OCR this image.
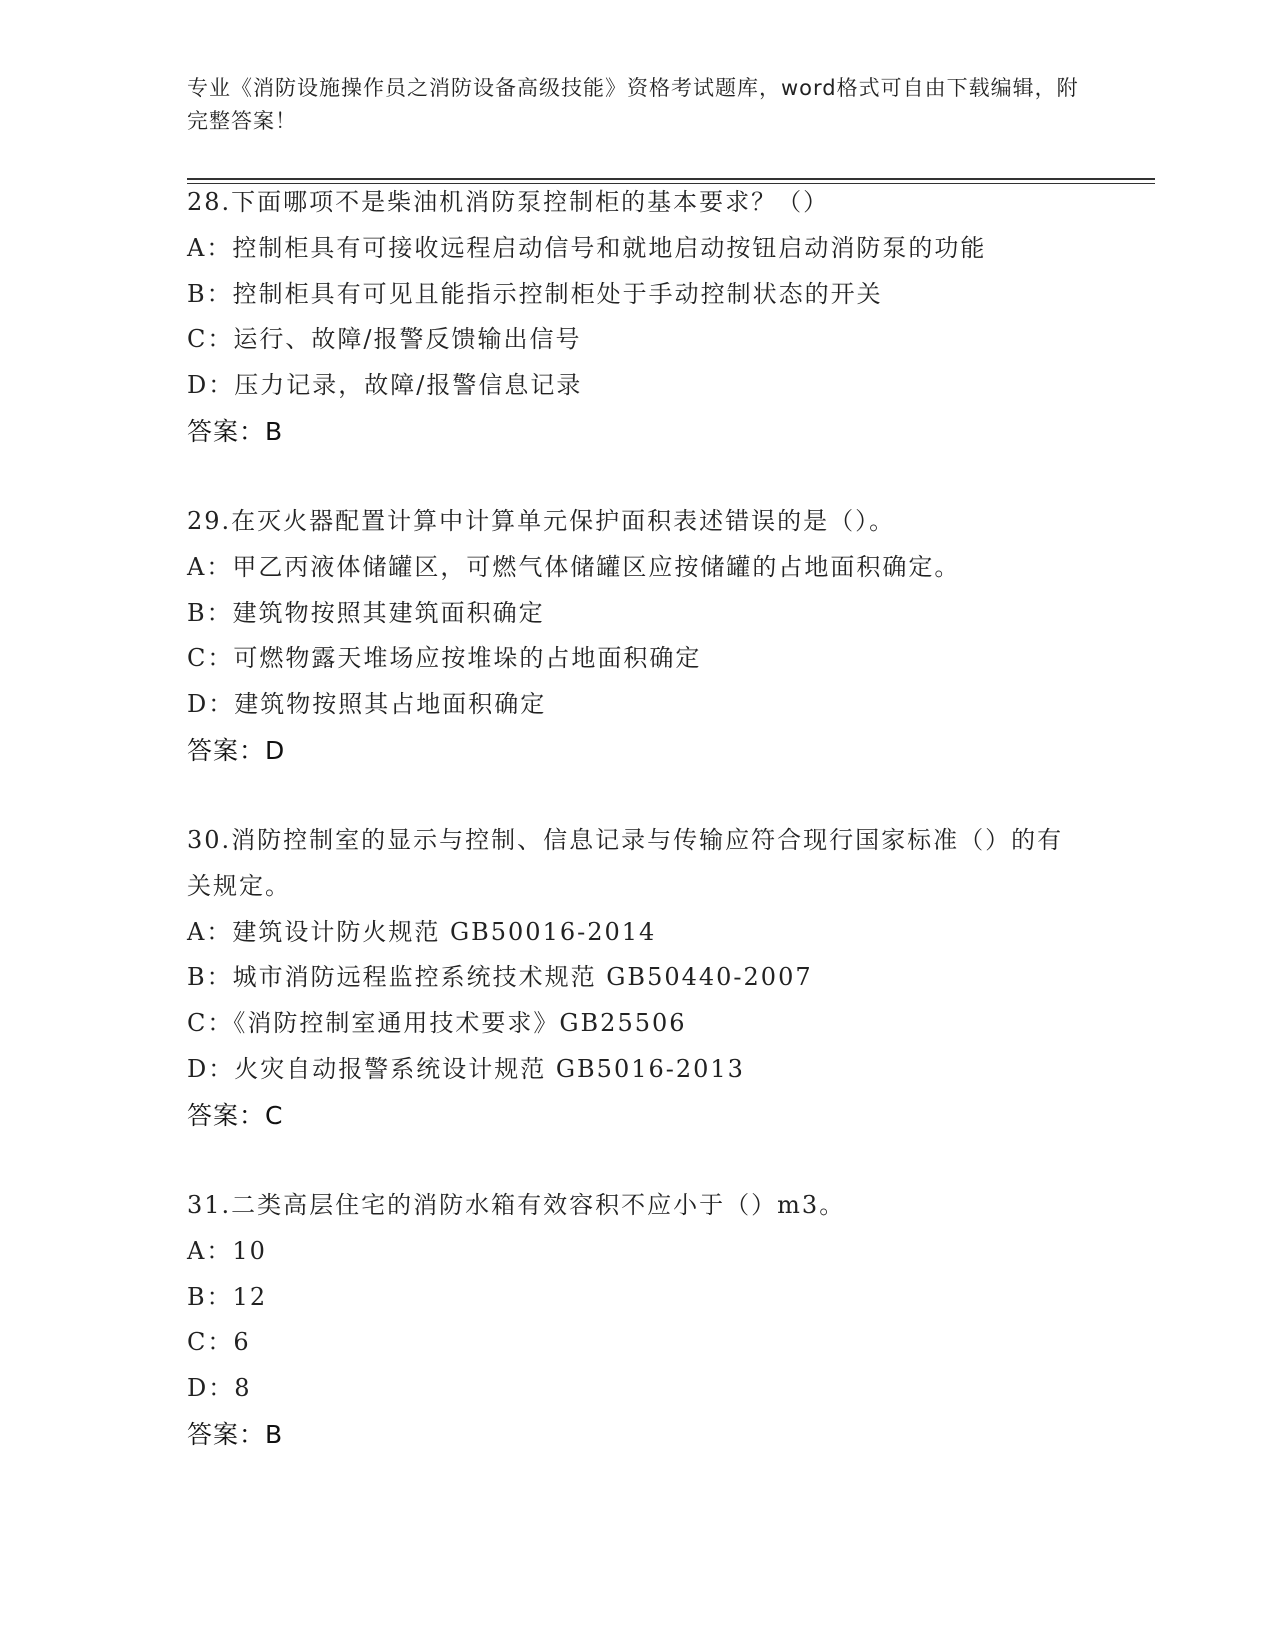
专业《消防设施操作员之消防设备高级技能》资格考试题库，word格式可自由下载编辑，附完整答案！
28.下面哪项不是柴油机消防泵控制柜的基本要求？（）
A：控制柜具有可接收远程启动信号和就地启动按钮启动消防泵的功能
B：控制柜具有可见且能指示控制柜处于手动控制状态的开关
C：运行、故障/报警反馈输出信号
D：压力记录，故障/报警信息记录
答案：B
29.在灭火器配置计算中计算单元保护面积表述错误的是（）。
A：甲乙丙液体储罐区，可燃气体储罐区应按储罐的占地面积确定。
B：建筑物按照其建筑面积确定
C：可燃物露天堆场应按堆垛的占地面积确定
D：建筑物按照其占地面积确定
答案：D
30.消防控制室的显示与控制、信息记录与传输应符合现行国家标准（）的有关规定。
A：建筑设计防火规范 GB50016-2014
B：城市消防远程监控系统技术规范 GB50440-2007
C：《消防控制室通用技术要求》GB25506
D：火灾自动报警系统设计规范 GB5016-2013
答案：C
31.二类高层住宅的消防水箱有效容积不应小于（）m3。
A：10
B：12
C：6
D：8
答案：B
